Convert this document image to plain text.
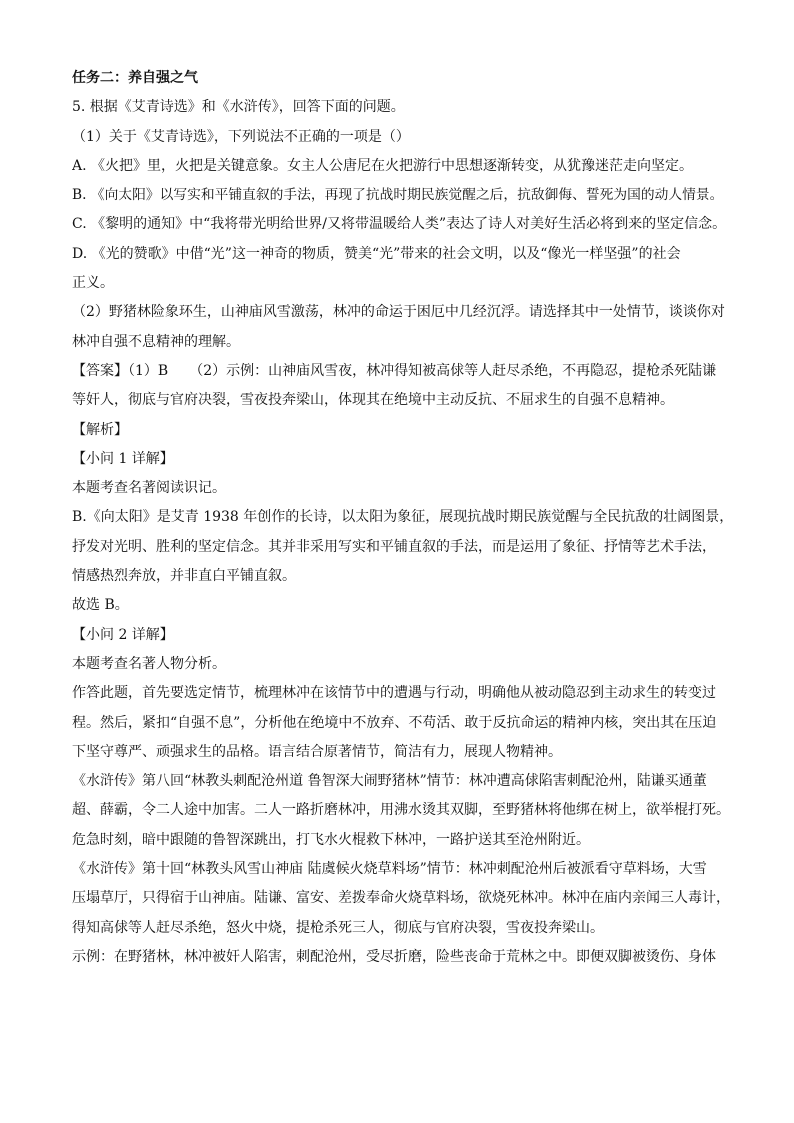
任务二：养自强之气
5. 根据《艾青诗选》和《水浒传》，回答下面的问题。
（1）关于《艾青诗选》，下列说法不正确的一项是（）
A. 《火把》里，火把是关键意象。女主人公唐尼在火把游行中思想逐渐转变，从犹豫迷茫走向坚定。
B. 《向太阳》以写实和平铺直叙的手法，再现了抗战时期民族觉醒之后，抗敌御侮、誓死为国的动人情景。
C. 《黎明的通知》中“我将带光明给世界/又将带温暖给人类”表达了诗人对美好生活必将到来的坚定信念。
D. 《光的赞歌》中借“光”这一神奇的物质，赞美“光”带来的社会文明，以及“像光一样坚强”的社会
正义。
（2）野猪林险象环生，山神庙风雪激荡，林冲的命运于困厄中几经沉浮。请选择其中一处情节，谈谈你对
林冲自强不息精神的理解。
【答案】（1）B　　（2）示例：山神庙风雪夜，林冲得知被高俅等人赶尽杀绝，不再隐忍，提枪杀死陆谦
等奸人，彻底与官府决裂，雪夜投奔梁山，体现其在绝境中主动反抗、不屈求生的自强不息精神。
【解析】
【小问 1 详解】
本题考查名著阅读识记。
B.《向太阳》是艾青 1938 年创作的长诗，以太阳为象征，展现抗战时期民族觉醒与全民抗敌的壮阔图景，
抒发对光明、胜利的坚定信念。其并非采用写实和平铺直叙的手法，而是运用了象征、抒情等艺术手法，
情感热烈奔放，并非直白平铺直叙。
故选 B。
【小问 2 详解】
本题考查名著人物分析。
作答此题，首先要选定情节，梳理林冲在该情节中的遭遇与行动，明确他从被动隐忍到主动求生的转变过
程。然后，紧扣“自强不息”，分析他在绝境中不放弃、不苟活、敢于反抗命运的精神内核，突出其在压迫
下坚守尊严、顽强求生的品格。语言结合原著情节，简洁有力，展现人物精神。
《水浒传》第八回“林教头刺配沧州道 鲁智深大闹野猪林”情节：林冲遭高俅陷害刺配沧州，陆谦买通董
超、薛霸，令二人途中加害。二人一路折磨林冲，用沸水烫其双脚，至野猪林将他绑在树上，欲举棍打死。
危急时刻，暗中跟随的鲁智深跳出，打飞水火棍救下林冲，一路护送其至沧州附近。
《水浒传》第十回“林教头风雪山神庙 陆虞候火烧草料场”情节：林冲刺配沧州后被派看守草料场，大雪
压塌草厅，只得宿于山神庙。陆谦、富安、差拨奉命火烧草料场，欲烧死林冲。林冲在庙内亲闻三人毒计，
得知高俅等人赶尽杀绝，怒火中烧，提枪杀死三人，彻底与官府决裂，雪夜投奔梁山。
示例：在野猪林，林冲被奸人陷害，刺配沧州，受尽折磨，险些丧命于荒林之中。即便双脚被烫伤、身体
